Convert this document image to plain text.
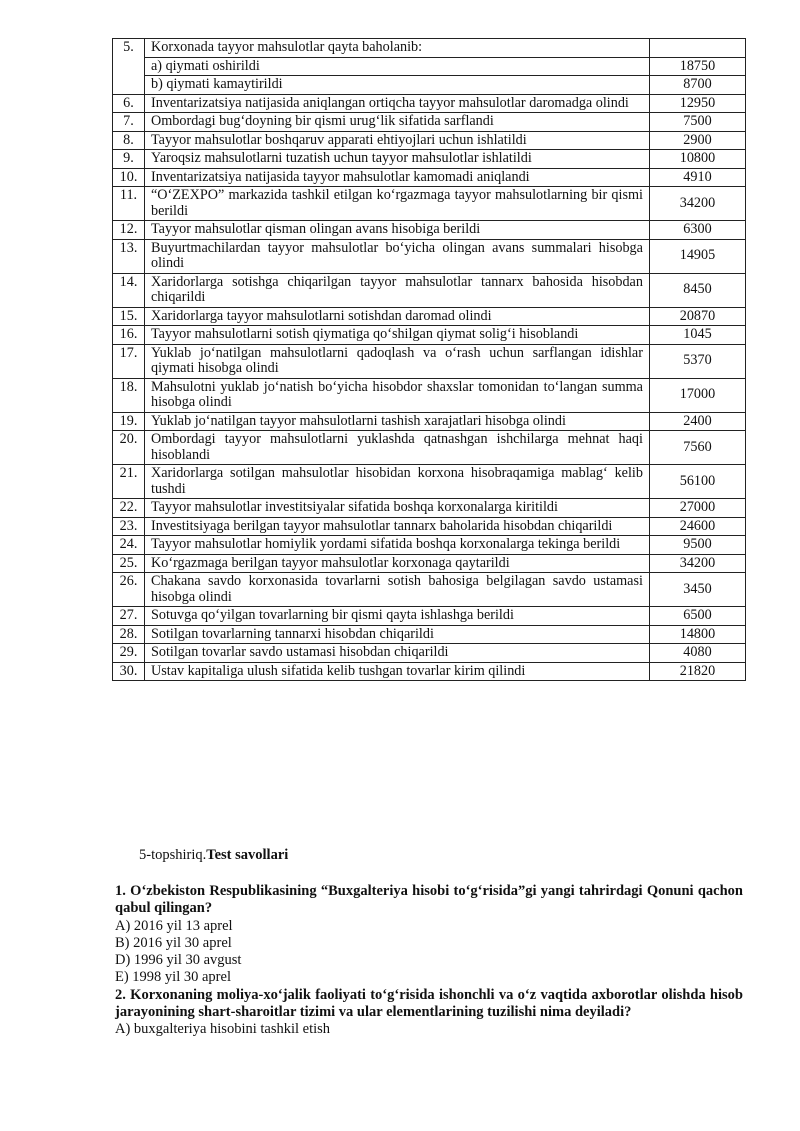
5.	Korxonada tayyor mahsulotlar qayta baholanib:	
	a) qiymati oshirildi	18750
	b) qiymati kamaytirildi	8700
6.	Inventarizatsiya natijasida aniqlangan ortiqcha tayyor mahsulotlar daromadga olindi	12950
7.	Ombordagi bug‘doyning bir qismi urug‘lik sifatida sarflandi	7500
8.	Tayyor mahsulotlar boshqaruv apparati ehtiyojlari uchun ishlatildi	2900
9.	Yaroqsiz mahsulotlarni tuzatish uchun tayyor mahsulotlar ishlatildi	10800
10.	Inventarizatsiya natijasida tayyor mahsulotlar kamomadi aniqlandi	4910
11.	“O‘ZEXPO” markazida tashkil etilgan ko‘rgazmaga tayyor mahsulotlarning bir qismi berildi	34200
12.	Tayyor mahsulotlar qisman olingan avans hisobiga berildi	6300
13.	Buyurtmachilardan tayyor mahsulotlar bo‘yicha olingan avans summalari hisobga olindi	14905
14.	Xaridorlarga sotishga chiqarilgan tayyor mahsulotlar tannarx bahosida hisobdan chiqarildi	8450
15.	Xaridorlarga tayyor mahsulotlarni sotishdan daromad olindi	20870
16.	Tayyor mahsulotlarni sotish qiymatiga qo‘shilgan qiymat solig‘i hisoblandi	1045
17.	Yuklab jo‘natilgan mahsulotlarni qadoqlash va o‘rash uchun sarflangan idishlar qiymati hisobga olindi	5370
18.	Mahsulotni yuklab jo‘natish bo‘yicha hisobdor shaxslar tomonidan to‘langan summa hisobga olindi	17000
19.	Yuklab jo‘natilgan tayyor mahsulotlarni tashish xarajatlari hisobga olindi	2400
20.	Ombordagi tayyor mahsulotlarni yuklashda qatnashgan ishchilarga mehnat haqi hisoblandi	7560
21.	Xaridorlarga sotilgan mahsulotlar hisobidan korxona hisobraqamiga mablag‘ kelib tushdi	56100
22.	Tayyor mahsulotlar investitsiyalar sifatida boshqa korxonalarga kiritildi	27000
23.	Investitsiyaga berilgan tayyor mahsulotlar tannarx baholarida hisobdan chiqarildi	24600
24.	Tayyor mahsulotlar homiylik yordami sifatida boshqa korxonalarga tekinga berildi	9500
25.	Ko‘rgazmaga berilgan tayyor mahsulotlar korxonaga qaytarildi	34200
26.	Chakana savdo korxonasida tovarlarni sotish bahosiga belgilagan savdo ustamasi hisobga olindi	3450
27.	Sotuvga qo‘yilgan tovarlarning bir qismi qayta ishlashga berildi	6500
28.	Sotilgan tovarlarning tannarxi hisobdan chiqarildi	14800
29.	Sotilgan tovarlar savdo ustamasi hisobdan chiqarildi	4080
30.	Ustav kapitaliga ulush sifatida kelib tushgan tovarlar kirim qilindi	21820
5-topshiriq.Test savollari

1. O‘zbekiston Respublikasining “Buxgalteriya hisobi to‘g‘risida”gi yangi tahrirdagi Qonuni qachon qabul qilingan?

A) 2016 yil 13 aprel

B) 2016 yil 30 aprel

D) 1996 yil 30 avgust

E) 1998 yil 30 aprel

2. Korxonaning moliya-xo‘jalik faoliyati to‘g‘risida ishonchli va o‘z vaqtida axborotlar olishda hisob jarayonining shart-sharoitlar tizimi va ular elementlarining tuzilishi nima deyiladi?

A) buxgalteriya hisobini tashkil etish
